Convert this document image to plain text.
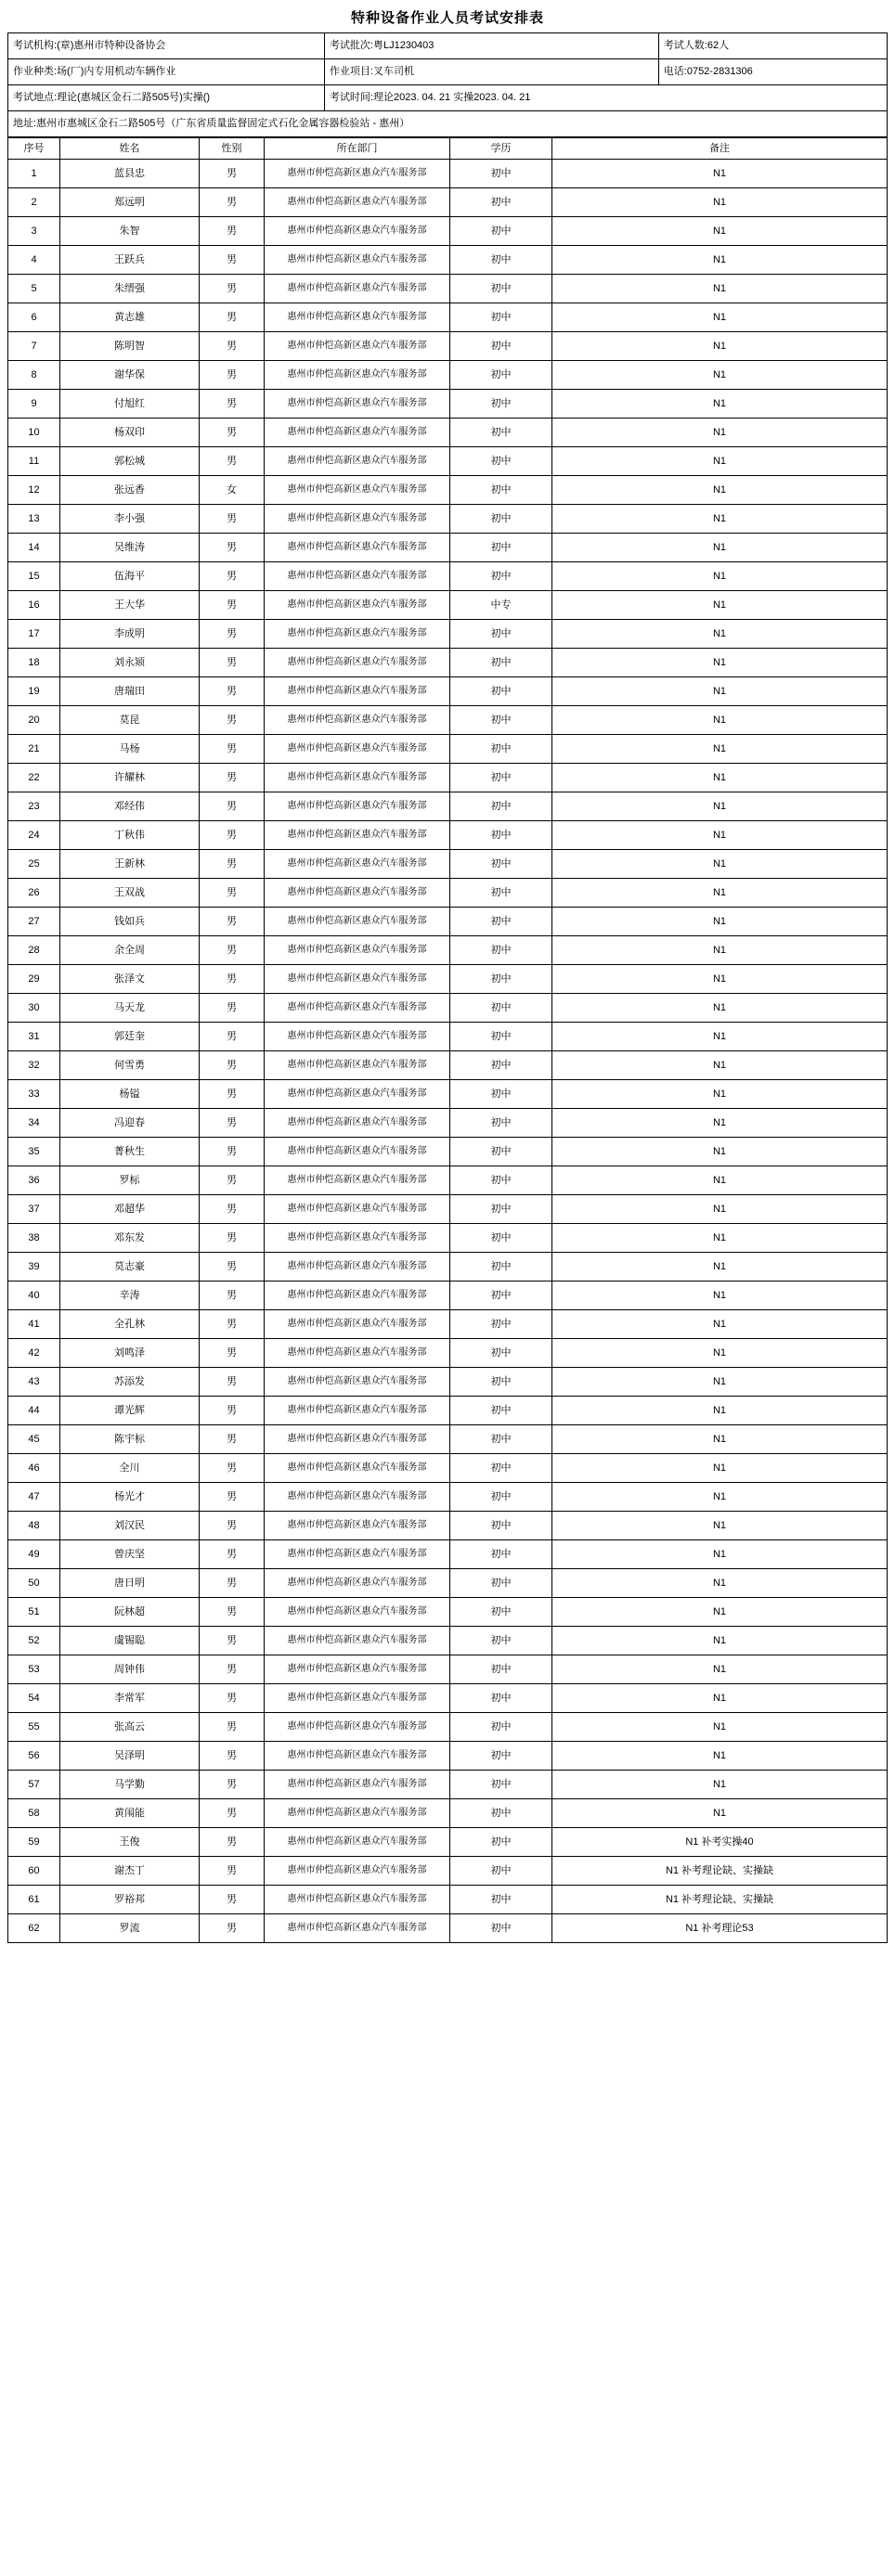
特种设备作业人员考试安排表
考试机构:(章)惠州市特种设备协会	考试批次:粤LJ1230403	考试人数:62人
作业种类:场(厂)内专用机动车辆作业	作业项目:叉车司机	电话:0752-2831306
考试地点:理论(惠城区金石二路505号)实操()	考试时间:理论2023. 04. 21 实操2023. 04. 21	
地址:惠州市惠城区金石二路505号（广东省质量监督固定式石化金属容器检验站 - 惠州）		
序号	姓名	性别	所在部门	学历	备注
1	蓝县忠	男	惠州市仲恺高新区惠众汽车服务部	初中	N1
2	郑远明	男	惠州市仲恺高新区惠众汽车服务部	初中	N1
3	朱智	男	惠州市仲恺高新区惠众汽车服务部	初中	N1
4	王跃兵	男	惠州市仲恺高新区惠众汽车服务部	初中	N1
5	朱缙强	男	惠州市仲恺高新区惠众汽车服务部	初中	N1
6	黄志雄	男	惠州市仲恺高新区惠众汽车服务部	初中	N1
7	陈明智	男	惠州市仲恺高新区惠众汽车服务部	初中	N1
8	谢华保	男	惠州市仲恺高新区惠众汽车服务部	初中	N1
9	付旭红	男	惠州市仲恺高新区惠众汽车服务部	初中	N1
10	杨双印	男	惠州市仲恺高新区惠众汽车服务部	初中	N1
11	郭松城	男	惠州市仲恺高新区惠众汽车服务部	初中	N1
12	张远香	女	惠州市仲恺高新区惠众汽车服务部	初中	N1
13	李小强	男	惠州市仲恺高新区惠众汽车服务部	初中	N1
14	吴维涛	男	惠州市仲恺高新区惠众汽车服务部	初中	N1
15	伍海平	男	惠州市仲恺高新区惠众汽车服务部	初中	N1
16	王大华	男	惠州市仲恺高新区惠众汽车服务部	中专	N1
17	李成明	男	惠州市仲恺高新区惠众汽车服务部	初中	N1
18	刘永颎	男	惠州市仲恺高新区惠众汽车服务部	初中	N1
19	唐瑞田	男	惠州市仲恺高新区惠众汽车服务部	初中	N1
20	莫昆	男	惠州市仲恺高新区惠众汽车服务部	初中	N1
21	马杨	男	惠州市仲恺高新区惠众汽车服务部	初中	N1
22	许耀林	男	惠州市仲恺高新区惠众汽车服务部	初中	N1
23	邓经伟	男	惠州市仲恺高新区惠众汽车服务部	初中	N1
24	丁秋伟	男	惠州市仲恺高新区惠众汽车服务部	初中	N1
25	王新林	男	惠州市仲恺高新区惠众汽车服务部	初中	N1
26	王双战	男	惠州市仲恺高新区惠众汽车服务部	初中	N1
27	钱如兵	男	惠州市仲恺高新区惠众汽车服务部	初中	N1
28	余全周	男	惠州市仲恺高新区惠众汽车服务部	初中	N1
29	张泽文	男	惠州市仲恺高新区惠众汽车服务部	初中	N1
30	马天龙	男	惠州市仲恺高新区惠众汽车服务部	初中	N1
31	郭廷奎	男	惠州市仲恺高新区惠众汽车服务部	初中	N1
32	何雪勇	男	惠州市仲恺高新区惠众汽车服务部	初中	N1
33	杨镒	男	惠州市仲恺高新区惠众汽车服务部	初中	N1
34	冯迎春	男	惠州市仲恺高新区惠众汽车服务部	初中	N1
35	菁秋生	男	惠州市仲恺高新区惠众汽车服务部	初中	N1
36	罗标	男	惠州市仲恺高新区惠众汽车服务部	初中	N1
37	邓超华	男	惠州市仲恺高新区惠众汽车服务部	初中	N1
38	邓东发	男	惠州市仲恺高新区惠众汽车服务部	初中	N1
39	莫志豪	男	惠州市仲恺高新区惠众汽车服务部	初中	N1
40	辛涛	男	惠州市仲恺高新区惠众汽车服务部	初中	N1
41	全孔林	男	惠州市仲恺高新区惠众汽车服务部	初中	N1
42	刘鸣泽	男	惠州市仲恺高新区惠众汽车服务部	初中	N1
43	苏添发	男	惠州市仲恺高新区惠众汽车服务部	初中	N1
44	谭光辉	男	惠州市仲恺高新区惠众汽车服务部	初中	N1
45	陈宇标	男	惠州市仲恺高新区惠众汽车服务部	初中	N1
46	全川	男	惠州市仲恺高新区惠众汽车服务部	初中	N1
47	杨光才	男	惠州市仲恺高新区惠众汽车服务部	初中	N1
48	刘汉民	男	惠州市仲恺高新区惠众汽车服务部	初中	N1
49	曾庆坚	男	惠州市仲恺高新区惠众汽车服务部	初中	N1
50	唐日明	男	惠州市仲恺高新区惠众汽车服务部	初中	N1
51	阮林超	男	惠州市仲恺高新区惠众汽车服务部	初中	N1
52	虞锡聪	男	惠州市仲恺高新区惠众汽车服务部	初中	N1
53	周钟伟	男	惠州市仲恺高新区惠众汽车服务部	初中	N1
54	李常军	男	惠州市仲恺高新区惠众汽车服务部	初中	N1
55	张高云	男	惠州市仲恺高新区惠众汽车服务部	初中	N1
56	吴泽明	男	惠州市仲恺高新区惠众汽车服务部	初中	N1
57	马学勤	男	惠州市仲恺高新区惠众汽车服务部	初中	N1
58	黄闱能	男	惠州市仲恺高新区惠众汽车服务部	初中	N1
59	王俊	男	惠州市仲恺高新区惠众汽车服务部	初中	N1 补考实操40
60	谢杰丁	男	惠州市仲恺高新区惠众汽车服务部	初中	N1 补考理论缺、实操缺
61	罗裕邦	男	惠州市仲恺高新区惠众汽车服务部	初中	N1 补考理论缺、实操缺
62	罗流	男	惠州市仲恺高新区惠众汽车服务部	初中	N1 补考理论53
